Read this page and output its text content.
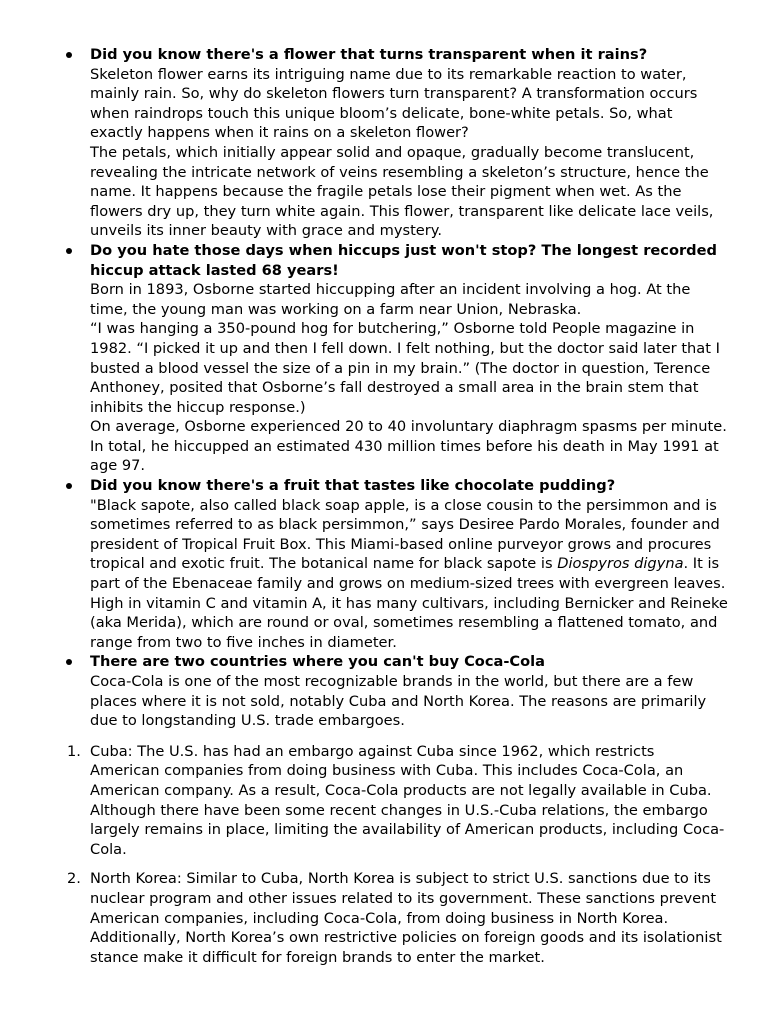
Did you know there's a flower that turns transparent when it rains?
Skeleton flower earns its intriguing name due to its remarkable reaction to water, mainly rain. So, why do skeleton flowers turn transparent? A transformation occurs when raindrops touch this unique bloom’s delicate, bone-white petals. So, what exactly happens when it rains on a skeleton flower?
The petals, which initially appear solid and opaque, gradually become translucent, revealing the intricate network of veins resembling a skeleton’s structure, hence the name. It happens because the fragile petals lose their pigment when wet. As the flowers dry up, they turn white again. This flower, transparent like delicate lace veils, unveils its inner beauty with grace and mystery.
Do you hate those days when hiccups just won't stop? The longest recorded hiccup attack lasted 68 years!
Born in 1893, Osborne started hiccupping after an incident involving a hog. At the time, the young man was working on a farm near Union, Nebraska.
“I was hanging a 350-pound hog for butchering,” Osborne told People magazine in 1982. “I picked it up and then I fell down. I felt nothing, but the doctor said later that I busted a blood vessel the size of a pin in my brain.” (The doctor in question, Terence Anthoney, posited that Osborne’s fall destroyed a small area in the brain stem that inhibits the hiccup response.)
On average, Osborne experienced 20 to 40 involuntary diaphragm spasms per minute. In total, he hiccupped an estimated 430 million times before his death in May 1991 at age 97.
Did you know there's a fruit that tastes like chocolate pudding?
"Black sapote, also called black soap apple, is a close cousin to the persimmon and is sometimes referred to as black persimmon,” says Desiree Pardo Morales, founder and president of Tropical Fruit Box. This Miami-based online purveyor grows and procures tropical and exotic fruit. The botanical name for black sapote is Diospyros digyna. It is part of the Ebenaceae family and grows on medium-sized trees with evergreen leaves. High in vitamin C and vitamin A, it has many cultivars, including Bernicker and Reineke (aka Merida), which are round or oval, sometimes resembling a flattened tomato, and range from two to five inches in diameter.
There are two countries where you can't buy Coca-Cola
Coca-Cola is one of the most recognizable brands in the world, but there are a few places where it is not sold, notably Cuba and North Korea. The reasons are primarily due to longstanding U.S. trade embargoes.
1. Cuba: The U.S. has had an embargo against Cuba since 1962, which restricts American companies from doing business with Cuba. This includes Coca-Cola, an American company. As a result, Coca-Cola products are not legally available in Cuba. Although there have been some recent changes in U.S.-Cuba relations, the embargo largely remains in place, limiting the availability of American products, including Coca-Cola.
2. North Korea: Similar to Cuba, North Korea is subject to strict U.S. sanctions due to its nuclear program and other issues related to its government. These sanctions prevent American companies, including Coca-Cola, from doing business in North Korea. Additionally, North Korea’s own restrictive policies on foreign goods and its isolationist stance make it difficult for foreign brands to enter the market.
